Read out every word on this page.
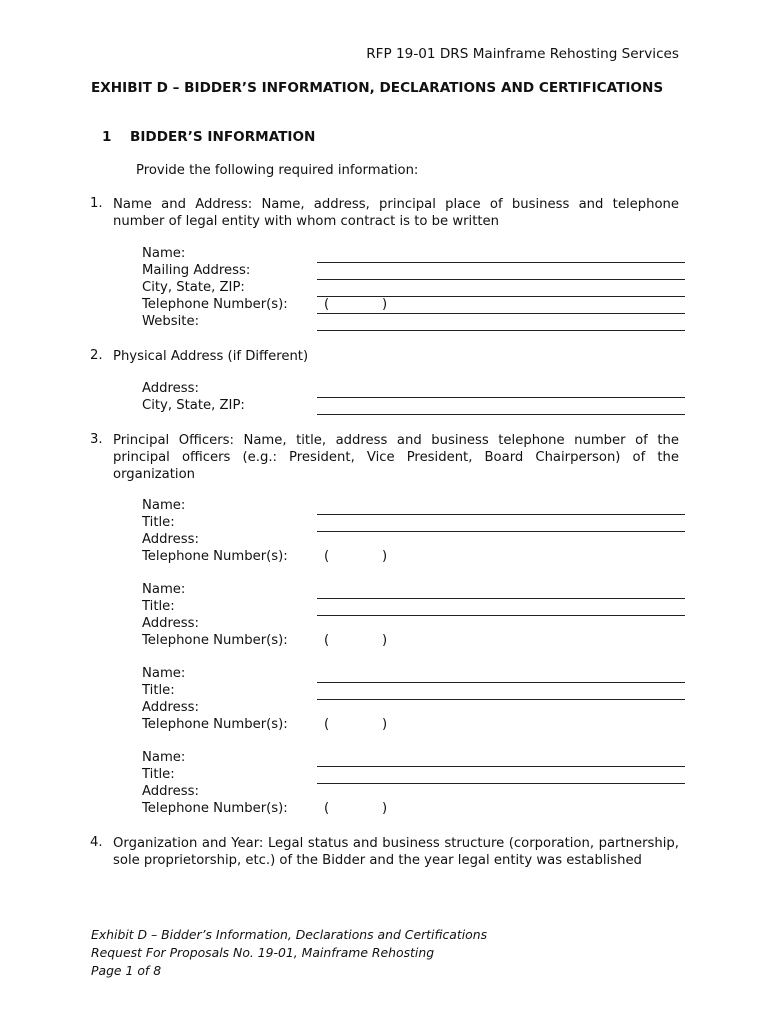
RFP 19-01 DRS Mainframe Rehosting Services
EXHIBIT D – BIDDER’S INFORMATION, DECLARATIONS AND CERTIFICATIONS
1 BIDDER’S INFORMATION
Provide the following required information:
1. Name and Address: Name, address, principal place of business and telephone number of legal entity with whom contract is to be written
Name:
Mailing Address:
City, State, ZIP:
Telephone Number(s):	(	)
Website:
2. Physical Address (if Different)
Address:
City, State, ZIP:
3. Principal Officers: Name, title, address and business telephone number of the principal officers (e.g.: President, Vice President, Board Chairperson) of the organization
Name:
Title:
Address:
Telephone Number(s):	(	)
Name:
Title:
Address:
Telephone Number(s):	(	)
Name:
Title:
Address:
Telephone Number(s):	(	)
Name:
Title:
Address:
Telephone Number(s):	(	)
4. Organization and Year: Legal status and business structure (corporation, partnership, sole proprietorship, etc.) of the Bidder and the year legal entity was established
Exhibit D – Bidder’s Information, Declarations and Certifications
Request For Proposals No. 19-01, Mainframe Rehosting
Page 1 of 8
